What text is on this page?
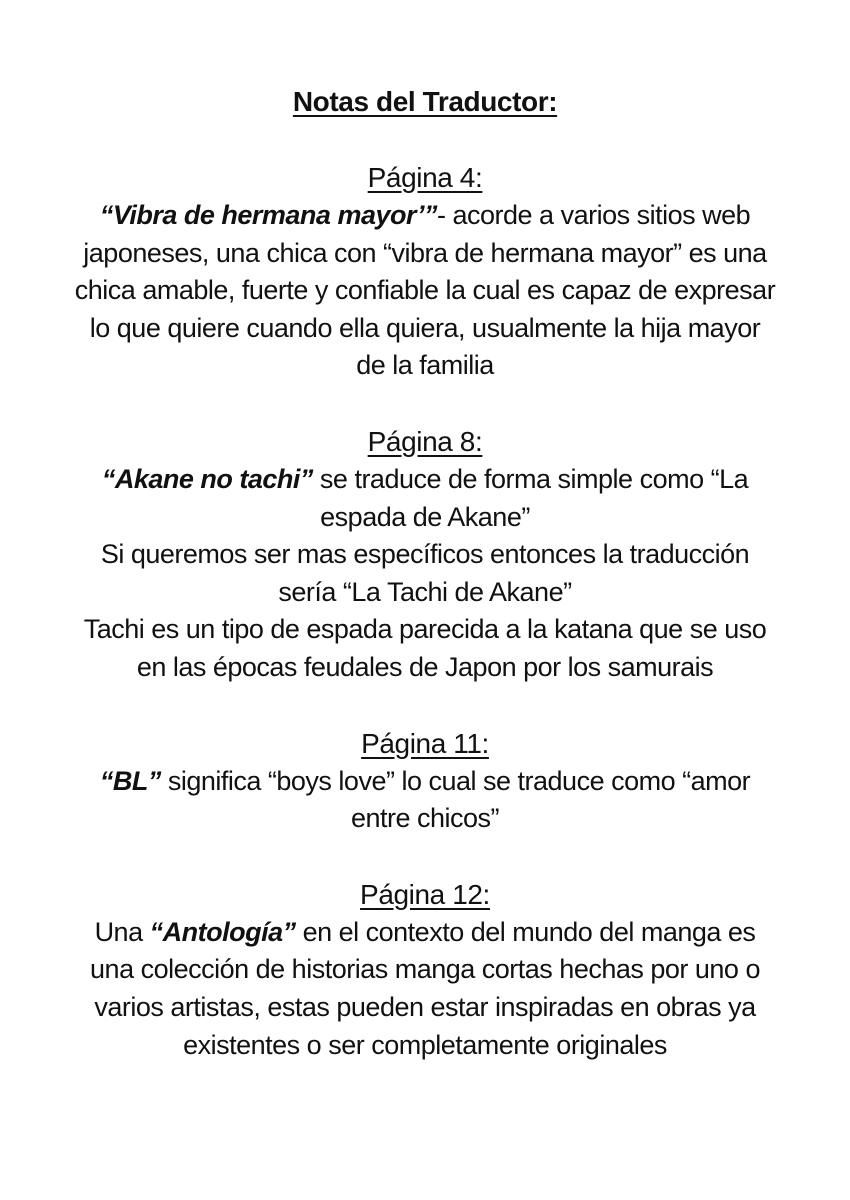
Notas del Traductor:
Página 4:

“Vibra de hermana mayor’”- acorde a varios sitios web japoneses, una chica con “vibra de hermana mayor” es una chica amable, fuerte y confiable la cual es capaz de expresar lo que quiere cuando ella quiera, usualmente la hija mayor de la familia

Página 8:

“Akane no tachi” se traduce de forma simple como “La espada de Akane”

Si queremos ser mas específicos entonces la traducción sería “La Tachi de Akane”

Tachi es un tipo de espada parecida a la katana que se uso en las épocas feudales de Japon por los samurais

Página 11:

“BL” significa “boys love” lo cual se traduce como “amor entre chicos”

Página 12:

Una “Antología” en el contexto del mundo del manga es una colección de historias manga cortas hechas por uno o varios artistas, estas pueden estar inspiradas en obras ya existentes o ser completamente originales
